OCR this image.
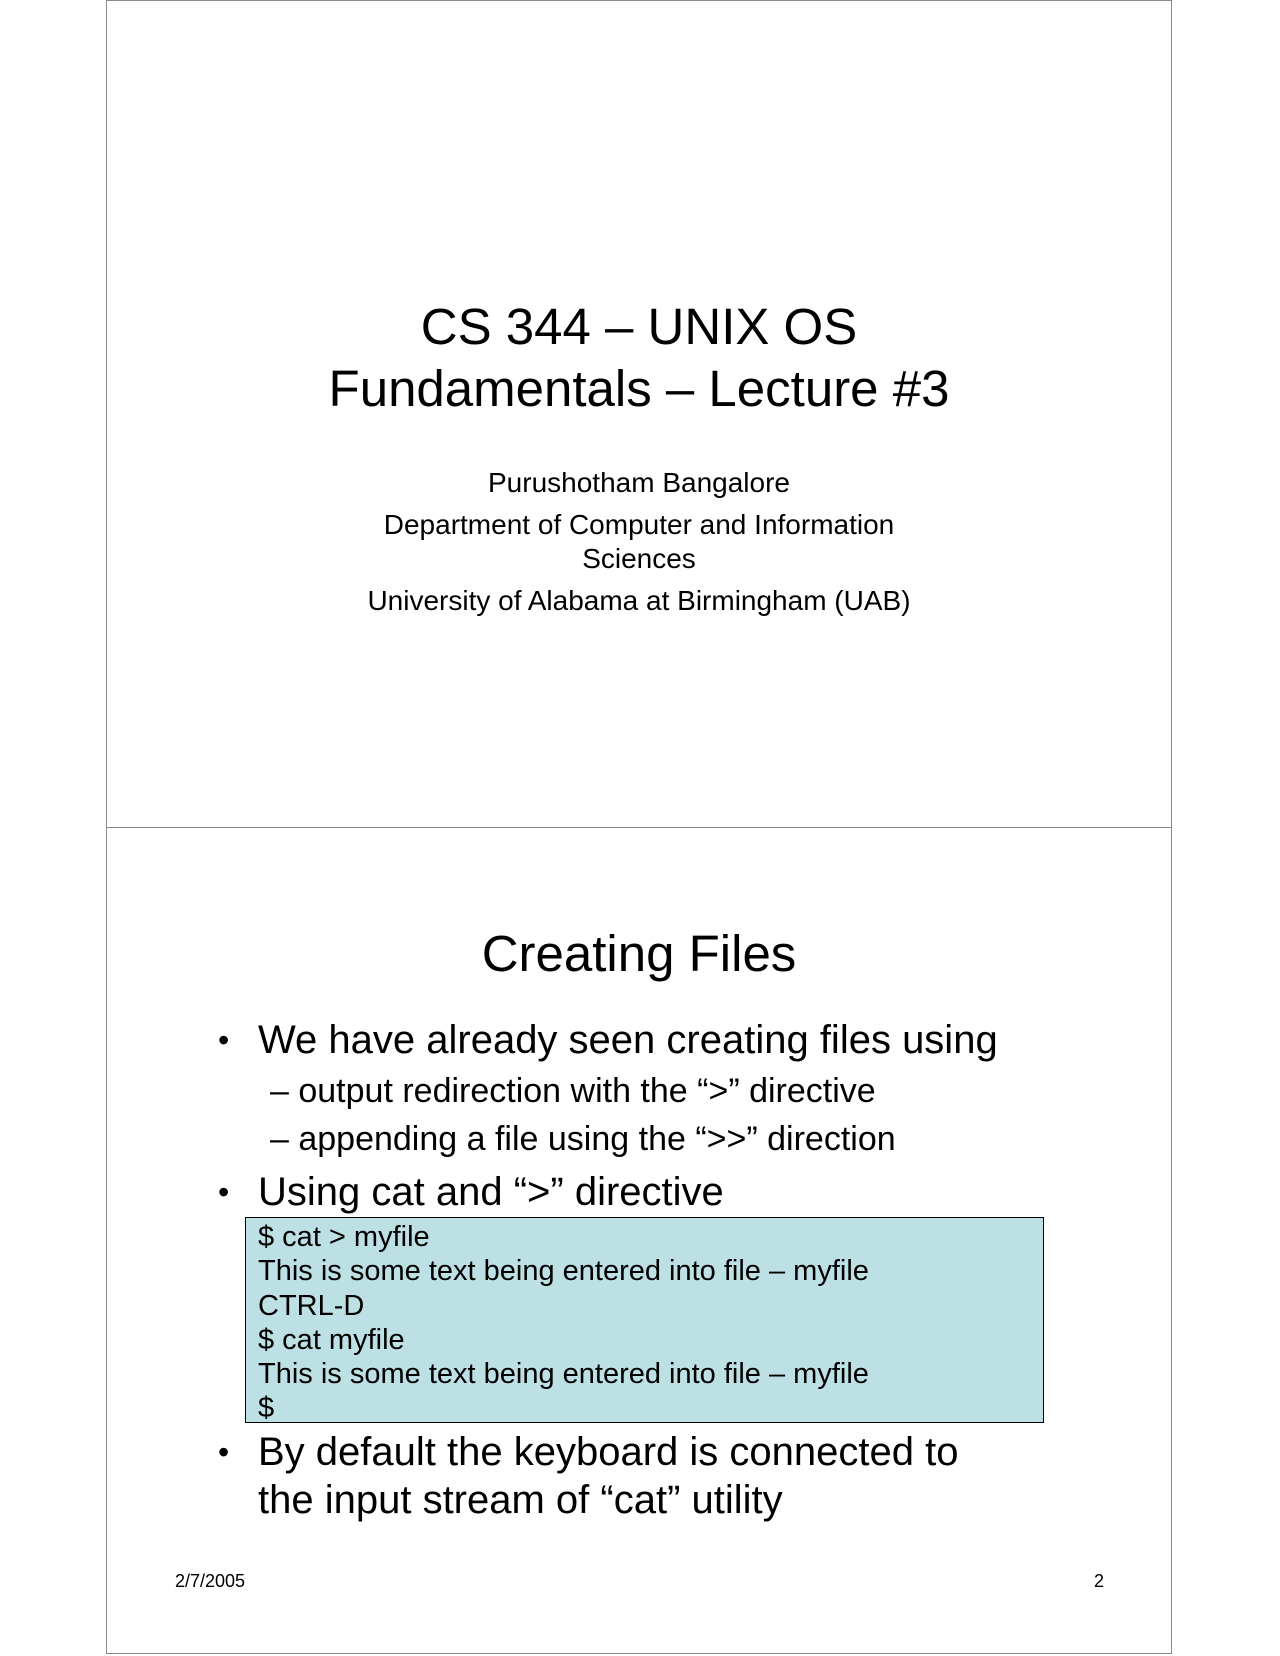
CS 344 – UNIX OS
Fundamentals – Lecture #3
Purushotham Bangalore
Department of Computer and Information
Sciences
University of Alabama at Birmingham (UAB)
Creating Files
• We have already seen creating files using
– output redirection with the “>” directive
– appending a file using the “>>” direction
• Using cat and “>” directive
$ cat > myfile
This is some text being entered into file – myfile
CTRL-D
$ cat myfile
This is some text being entered into file – myfile
$
• By default the keyboard is connected to
the input stream of “cat” utility
2/7/2005	2
